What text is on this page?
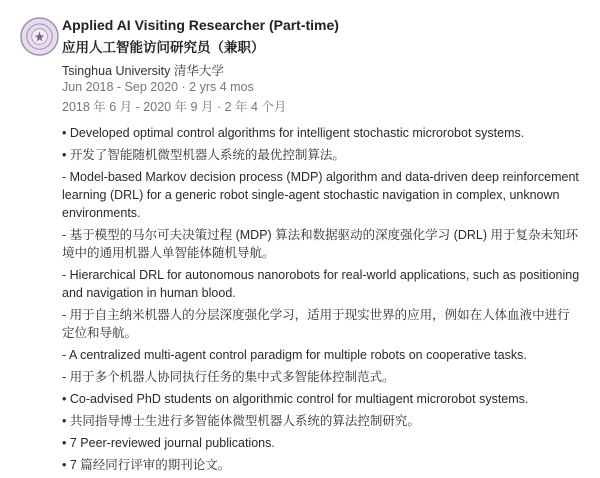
Applied AI Visiting Researcher (Part-time)
应用人工智能访问研究员（兼职）
Tsinghua University 清华大学
Jun 2018 - Sep 2020 · 2 yrs 4 mos
2018 年 6 月 - 2020 年 9 月 · 2 年 4 个月
• Developed optimal control algorithms for intelligent stochastic microrobot systems.
• 开发了智能随机微型机器人系统的最优控制算法。
- Model-based Markov decision process (MDP) algorithm and data-driven deep reinforcement learning (DRL) for a generic robot single-agent stochastic navigation in complex, unknown environments.
- 基于模型的马尔可夫决策过程 (MDP) 算法和数据驱动的深度强化学习 (DRL) 用于复杂未知环境中的通用机器人单智能体随机导航。
- Hierarchical DRL for autonomous nanorobots for real-world applications, such as positioning and navigation in human blood.
- 用于自主纳米机器人的分层深度强化学习，适用于现实世界的应用，例如在人体血液中进行定位和导航。
- A centralized multi-agent control paradigm for multiple robots on cooperative tasks.
- 用于多个机器人协同执行任务的集中式多智能体控制范式。
• Co-advised PhD students on algorithmic control for multiagent microrobot systems.
• 共同指导博士生进行多智能体微型机器人系统的算法控制研究。
• 7 Peer-reviewed journal publications.
• 7 篇经同行评审的期刊论文。
